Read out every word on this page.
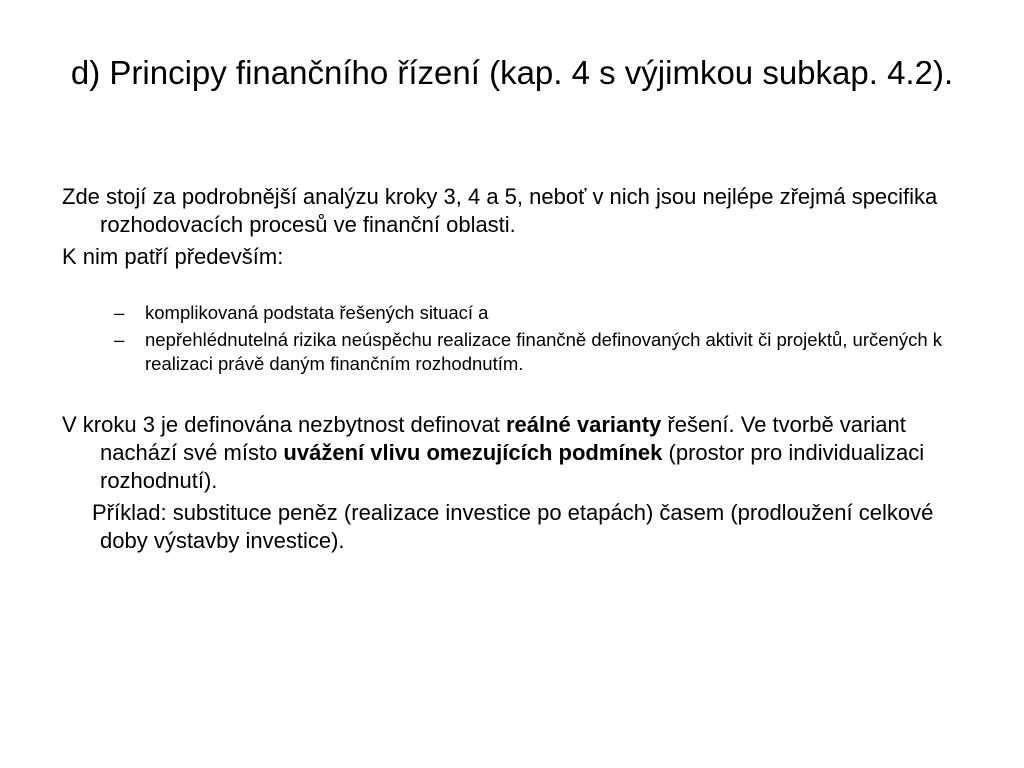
d) Principy finančního řízení (kap. 4 s výjimkou subkap. 4.2).

Zde stojí za podrobnější analýzu kroky 3, 4 a 5, neboť v nich jsou nejlépe zřejmá specifika rozhodovacích procesů ve finanční oblasti.

K nim patří především:

– komplikovaná podstata řešených situací a
– nepřehlédnutelná rizika neúspěchu realizace finančně definovaných aktivit či projektů, určených k realizaci právě daným finančním rozhodnutím.

V kroku 3 je definována nezbytnost definovat reálné varianty řešení. Ve tvorbě variant nachází své místo uvážení vlivu omezujících podmínek (prostor pro individualizaci rozhodnutí).

Příklad: substituce peněz (realizace investice po etapách) časem (prodloužení celkové doby výstavby investice).
